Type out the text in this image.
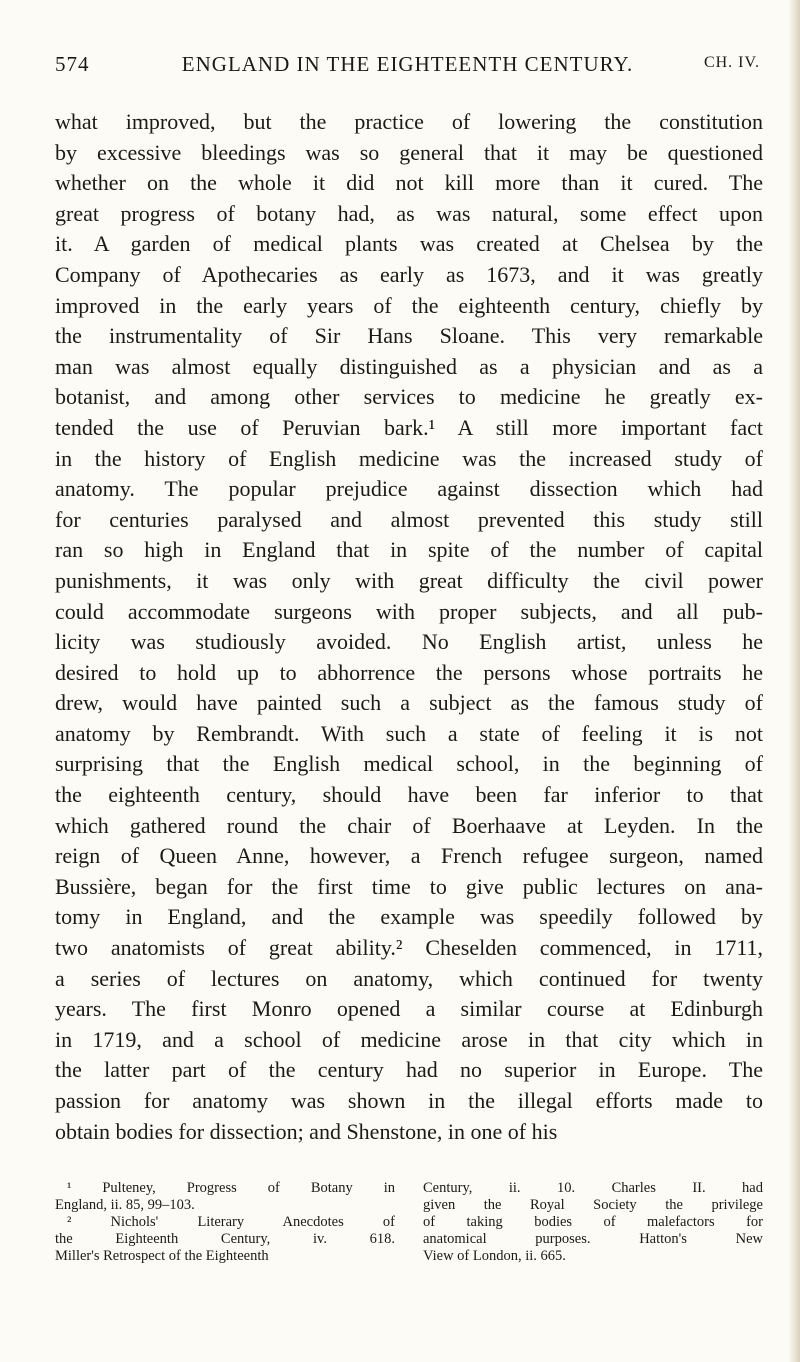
574	ENGLAND IN THE EIGHTEENTH CENTURY.	CH. IV.
what improved, but the practice of lowering the constitution
by excessive bleedings was so general that it may be questioned
whether on the whole it did not kill more than it cured. The
great progress of botany had, as was natural, some effect upon
it. A garden of medical plants was created at Chelsea by the
Company of Apothecaries as early as 1673, and it was greatly
improved in the early years of the eighteenth century, chiefly by
the instrumentality of Sir Hans Sloane. This very remarkable
man was almost equally distinguished as a physician and as a
botanist, and among other services to medicine he greatly ex-
tended the use of Peruvian bark.¹ A still more important fact
in the history of English medicine was the increased study of
anatomy. The popular prejudice against dissection which had
for centuries paralysed and almost prevented this study still
ran so high in England that in spite of the number of capital
punishments, it was only with great difficulty the civil power
could accommodate surgeons with proper subjects, and all pub-
licity was studiously avoided. No English artist, unless he
desired to hold up to abhorrence the persons whose portraits he
drew, would have painted such a subject as the famous study of
anatomy by Rembrandt. With such a state of feeling it is not
surprising that the English medical school, in the beginning of
the eighteenth century, should have been far inferior to that
which gathered round the chair of Boerhaave at Leyden. In the
reign of Queen Anne, however, a French refugee surgeon, named
Bussière, began for the first time to give public lectures on ana-
tomy in England, and the example was speedily followed by
two anatomists of great ability.² Cheselden commenced, in 1711,
a series of lectures on anatomy, which continued for twenty
years. The first Monro opened a similar course at Edinburgh
in 1719, and a school of medicine arose in that city which in
the latter part of the century had no superior in Europe. The
passion for anatomy was shown in the illegal efforts made to
obtain bodies for dissection; and Shenstone, in one of his
¹ Pulteney, Progress of Botany in
England, ii. 85, 99–103.
² Nichols' Literary Anecdotes of
the Eighteenth Century, iv. 618.
Miller's Retrospect of the Eighteenth
Century, ii. 10. Charles II. had
given the Royal Society the privilege
of taking bodies of malefactors for
anatomical purposes. Hatton's New
View of London, ii. 665.
